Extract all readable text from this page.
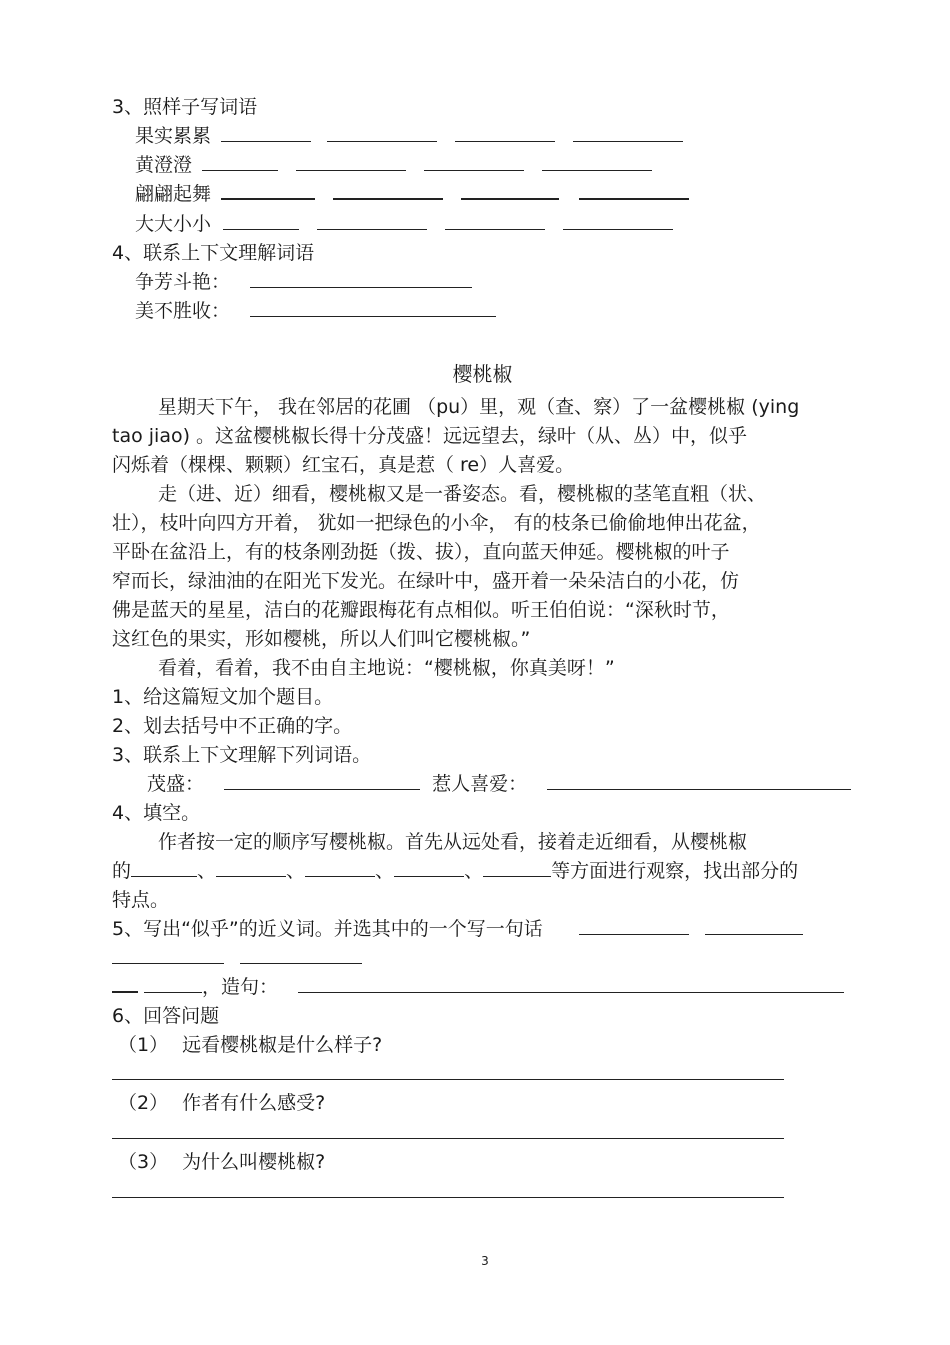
3、照样子写词语
果实累累
黄澄澄
翩翩起舞
大大小小
4、联系上下文理解词语
争芳斗艳：
美不胜收：
樱桃椒
星期天下午， 我在邻居的花圃 （pu）里，观（查、察）了一盆樱桃椒 (ying
tao jiao) 。这盆樱桃椒长得十分茂盛！远远望去，绿叶（从、丛）中，似乎
闪烁着（棵棵、颗颗）红宝石，真是惹（ re）人喜爱。
走（进、近）细看，樱桃椒又是一番姿态。看，樱桃椒的茎笔直粗（状、
壮），枝叶向四方开着， 犹如一把绿色的小伞， 有的枝条已偷偷地伸出花盆，
平卧在盆沿上，有的枝条刚劲挺（拨、拔），直向蓝天伸延。樱桃椒的叶子
窄而长，绿油油的在阳光下发光。在绿叶中，盛开着一朵朵洁白的小花，仿
佛是蓝天的星星，洁白的花瓣跟梅花有点相似。听王伯伯说：“深秋时节，
这红色的果实，形如樱桃，所以人们叫它樱桃椒。”
看着，看着，我不由自主地说：“樱桃椒，你真美呀！”
1、给这篇短文加个题目。
2、划去括号中不正确的字。
3、联系上下文理解下列词语。
茂盛：	惹人喜爱：
4、填空。
作者按一定的顺序写樱桃椒。首先从远处看，接着走近细看，从樱桃椒
的	、	、	、	、	等方面进行观察，找出部分的
特点。
5、写出“似乎”的近义词。并选其中的一个写一句话

，造句：
6、回答问题
（1） 远看樱桃椒是什么样子?
（2） 作者有什么感受?
（3） 为什么叫樱桃椒?
3
